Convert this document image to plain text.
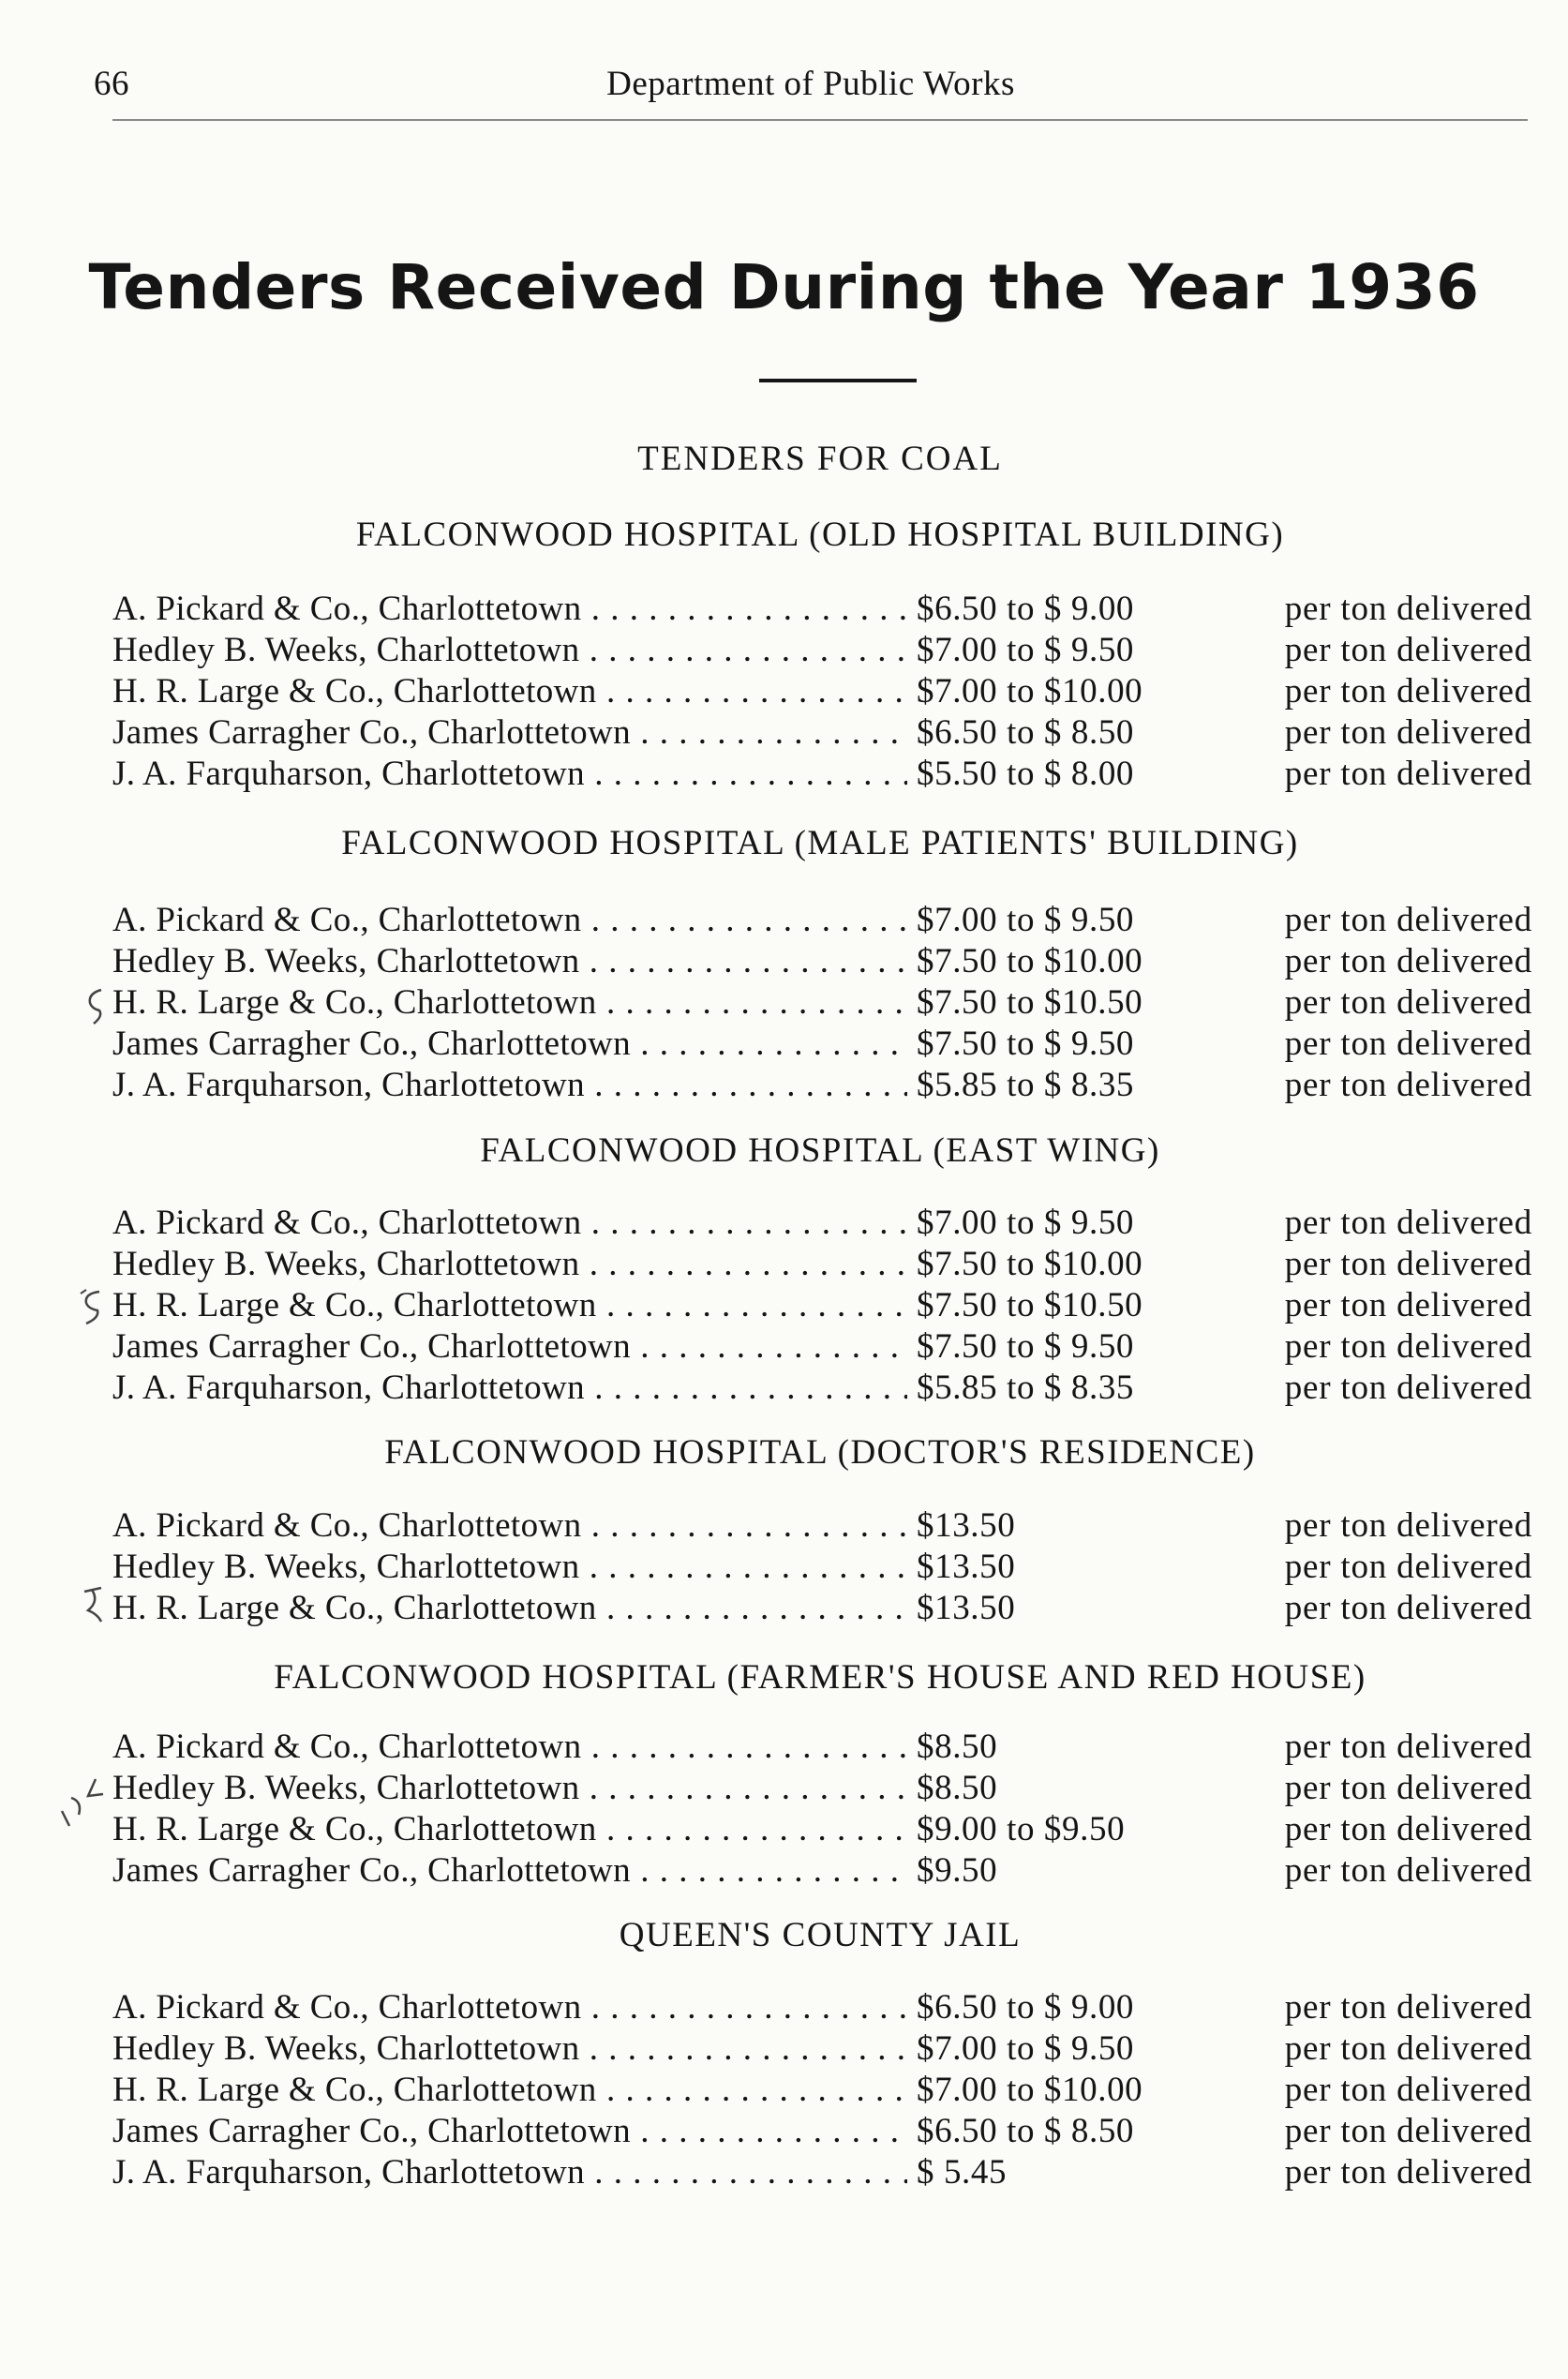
66	Department of Public Works
Tenders Received During the Year 1936
TENDERS FOR COAL
FALCONWOOD HOSPITAL (OLD HOSPITAL BUILDING)
A. Pickard & Co., Charlottetown . . .	$6.50 to $ 9.00	per ton delivered
Hedley B. Weeks, Charlottetown . . .	$7.00 to $ 9.50	per ton delivered
H. R. Large & Co., Charlottetown . . .	$7.00 to $10.00	per ton delivered
James Carragher Co., Charlottetown . . .	$6.50 to $ 8.50	per ton delivered
J. A. Farquharson, Charlottetown . . .	$5.50 to $ 8.00	per ton delivered
FALCONWOOD HOSPITAL (MALE PATIENTS' BUILDING)
A. Pickard & Co., Charlottetown . . .	$7.00 to $ 9.50	per ton delivered
Hedley B. Weeks, Charlottetown . . .	$7.50 to $10.00	per ton delivered
H. R. Large & Co., Charlottetown . . .	$7.50 to $10.50	per ton delivered
James Carragher Co., Charlottetown . . .	$7.50 to $ 9.50	per ton delivered
J. A. Farquharson, Charlottetown . . .	$5.85 to $ 8.35	per ton delivered
FALCONWOOD HOSPITAL (EAST WING)
A. Pickard & Co., Charlottetown . . .	$7.00 to $ 9.50	per ton delivered
Hedley B. Weeks, Charlottetown . . .	$7.50 to $10.00	per ton delivered
H. R. Large & Co., Charlottetown . . .	$7.50 to $10.50	per ton delivered
James Carragher Co., Charlottetown . . .	$7.50 to $ 9.50	per ton delivered
J. A. Farquharson, Charlottetown . . .	$5.85 to $ 8.35	per ton delivered
FALCONWOOD HOSPITAL (DOCTOR'S RESIDENCE)
A. Pickard & Co., Charlottetown . . .	$13.50	per ton delivered
Hedley B. Weeks, Charlottetown . . .	$13.50	per ton delivered
H. R. Large & Co., Charlottetown . . .	$13.50	per ton delivered
FALCONWOOD HOSPITAL (FARMER'S HOUSE AND RED HOUSE)
A. Pickard & Co., Charlottetown . . .	$8.50	per ton delivered
Hedley B. Weeks, Charlottetown . . .	$8.50	per ton delivered
H. R. Large & Co., Charlottetown . . .	$9.00 to $9.50	per ton delivered
James Carragher Co., Charlottetown . . .	$9.50	per ton delivered
QUEEN'S COUNTY JAIL
A. Pickard & Co., Charlottetown . . .	$6.50 to $ 9.00	per ton delivered
Hedley B. Weeks, Charlottetown . . .	$7.00 to $ 9.50	per ton delivered
H. R. Large & Co., Charlottetown . . .	$7.00 to $10.00	per ton delivered
James Carragher Co., Charlottetown . . .	$6.50 to $ 8.50	per ton delivered
J. A. Farquharson, Charlottetown . . .	$ 5.45	per ton delivered
